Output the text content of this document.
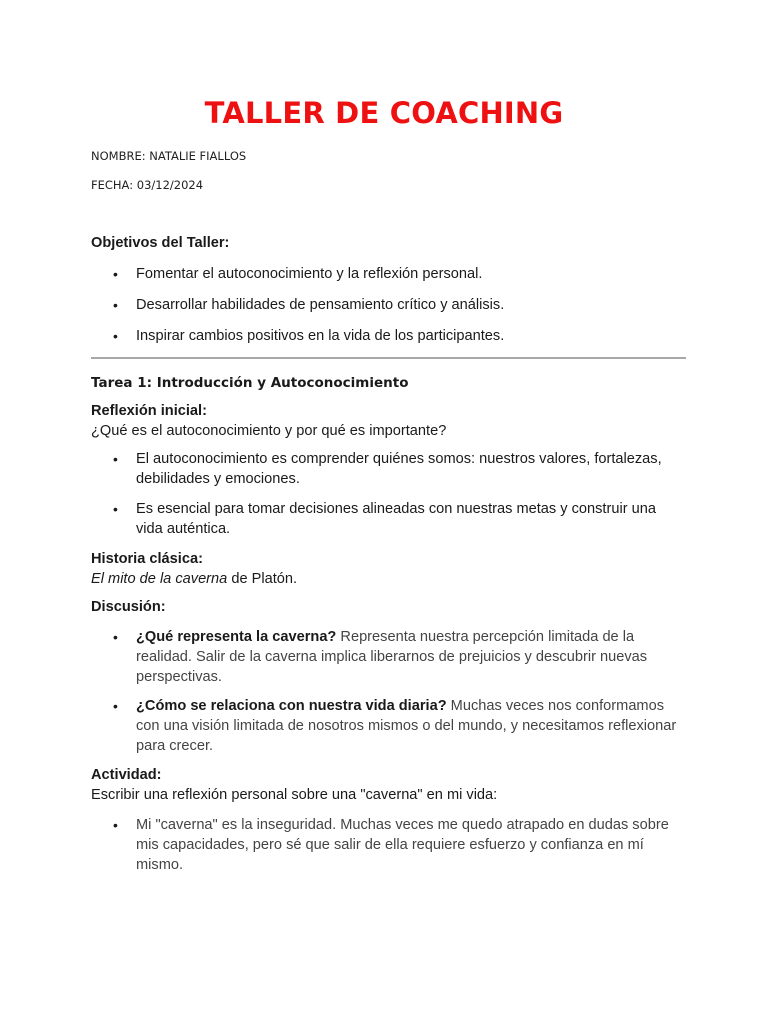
TALLER DE COACHING
NOMBRE: NATALIE FIALLOS
FECHA: 03/12/2024

Objetivos del Taller:

• Fomentar el autoconocimiento y la reflexión personal.
• Desarrollar habilidades de pensamiento crítico y análisis.
• Inspirar cambios positivos en la vida de los participantes.

Tarea 1: Introducción y Autoconocimiento

Reflexión inicial:

¿Qué es el autoconocimiento y por qué es importante?

• El autoconocimiento es comprender quiénes somos: nuestros valores, fortalezas, debilidades y emociones.
• Es esencial para tomar decisiones alineadas con nuestras metas y construir una vida auténtica.

Historia clásica:

El mito de la caverna de Platón.

Discusión:

• ¿Qué representa la caverna? Representa nuestra percepción limitada de la realidad. Salir de la caverna implica liberarnos de prejuicios y descubrir nuevas perspectivas.
• ¿Cómo se relaciona con nuestra vida diaria? Muchas veces nos conformamos con una visión limitada de nosotros mismos o del mundo, y necesitamos reflexionar para crecer.

Actividad:

Escribir una reflexión personal sobre una "caverna" en mi vida:

• Mi "caverna" es la inseguridad. Muchas veces me quedo atrapado en dudas sobre mis capacidades, pero sé que salir de ella requiere esfuerzo y confianza en mí mismo.
